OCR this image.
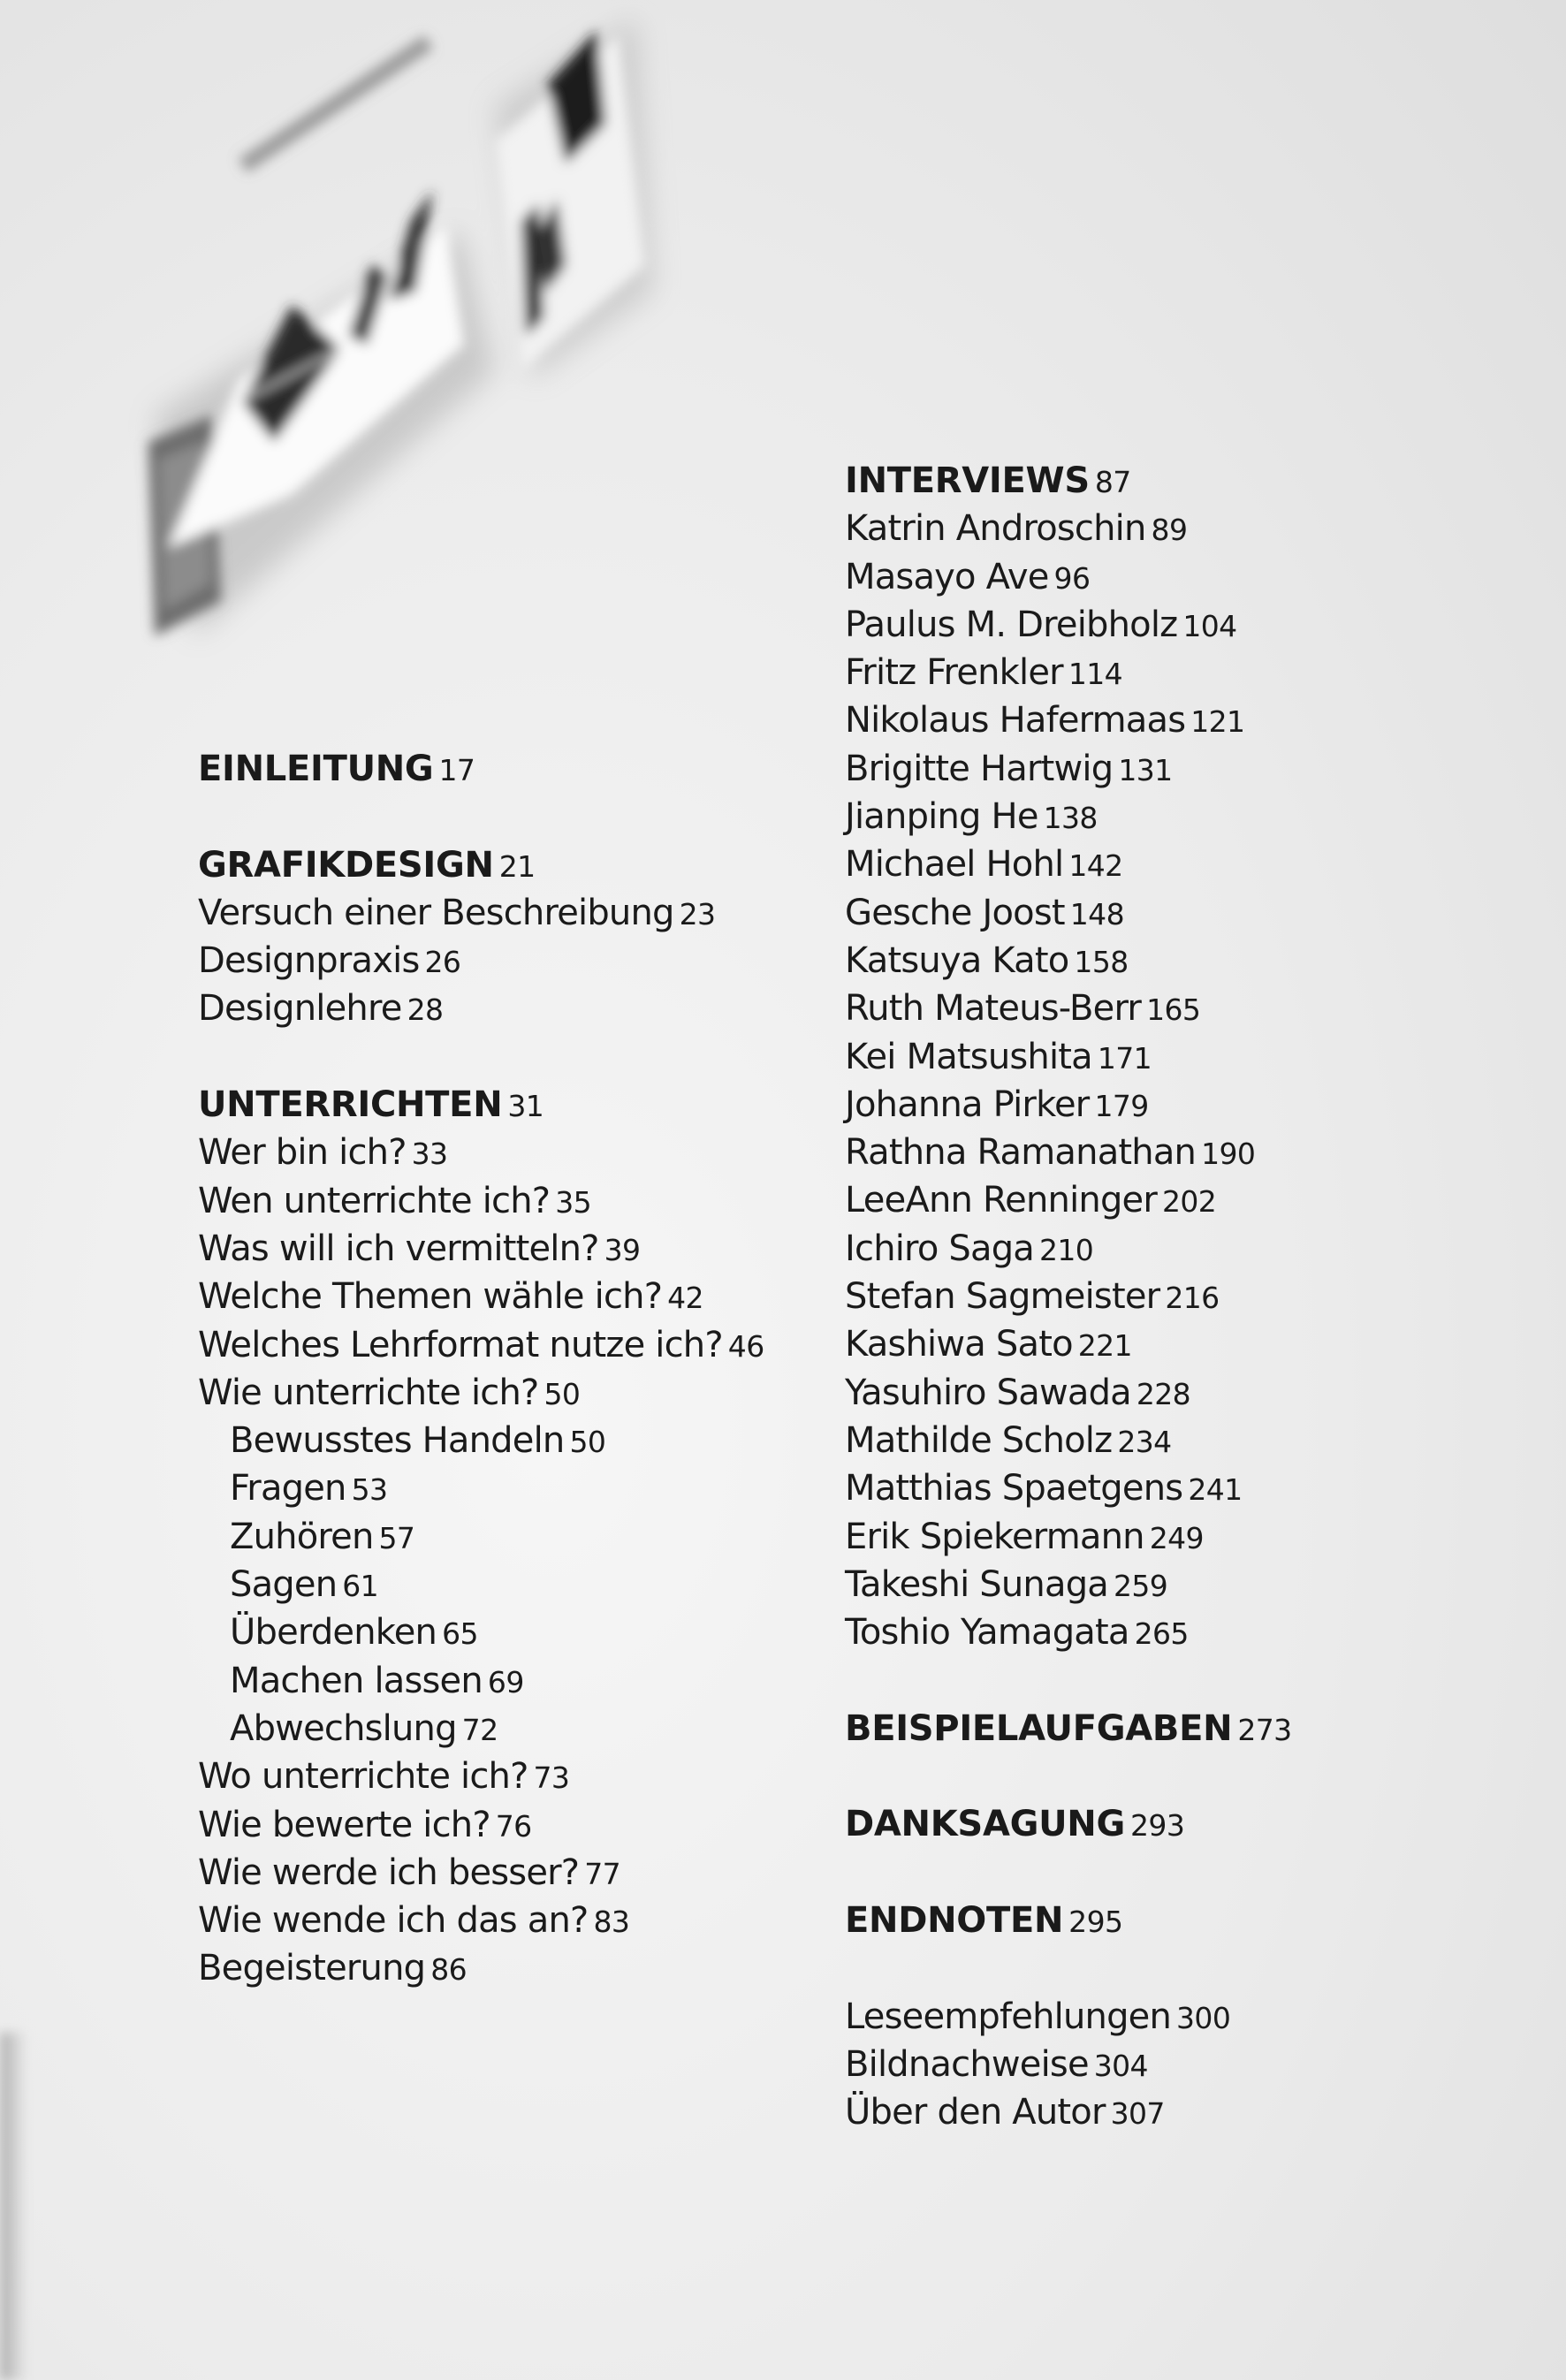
EINLEITUNG 17
GRAFIKDESIGN 21
Versuch einer Beschreibung 23
Designpraxis 26
Designlehre 28
UNTERRICHTEN 31
Wer bin ich? 33
Wen unterrichte ich? 35
Was will ich vermitteln? 39
Welche Themen wähle ich? 42
Welches Lehrformat nutze ich? 46
Wie unterrichte ich? 50
Bewusstes Handeln 50
Fragen 53
Zuhören 57
Sagen 61
Überdenken 65
Machen lassen 69
Abwechslung 72
Wo unterrichte ich? 73
Wie bewerte ich? 76
Wie werde ich besser? 77
Wie wende ich das an? 83
Begeisterung 86
INTERVIEWS 87
Katrin Androschin 89
Masayo Ave 96
Paulus M. Dreibholz 104
Fritz Frenkler 114
Nikolaus Hafermaas 121
Brigitte Hartwig 131
Jianping He 138
Michael Hohl 142
Gesche Joost 148
Katsuya Kato 158
Ruth Mateus-Berr 165
Kei Matsushita 171
Johanna Pirker 179
Rathna Ramanathan 190
LeeAnn Renninger 202
Ichiro Saga 210
Stefan Sagmeister 216
Kashiwa Sato 221
Yasuhiro Sawada 228
Mathilde Scholz 234
Matthias Spaetgens 241
Erik Spiekermann 249
Takeshi Sunaga 259
Toshio Yamagata 265
BEISPIELAUFGABEN 273
DANKSAGUNG 293
ENDNOTEN 295
Leseempfehlungen 300
Bildnachweise 304
Über den Autor 307
